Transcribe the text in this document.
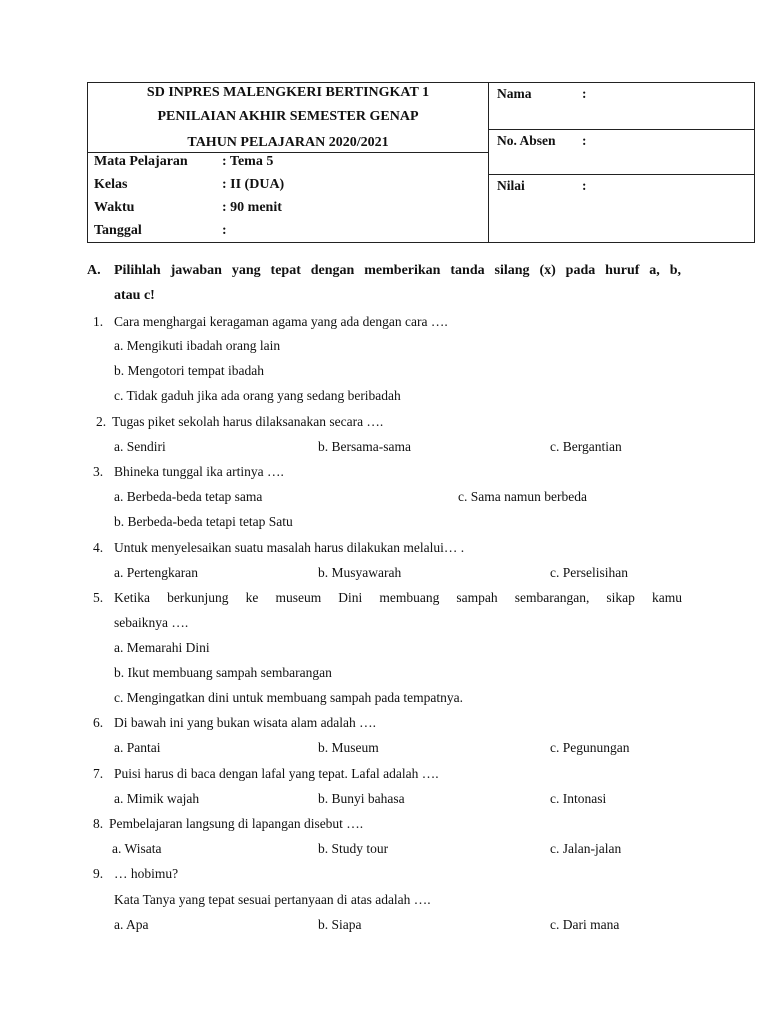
SD INPRES MALENGKERI BERTINGKAT 1
PENILAIAN AKHIR SEMESTER GENAP
TAHUN PELAJARAN 2020/2021
Mata Pelajaran : Tema 5
Kelas	: II (DUA)
Waktu	: 90 menit
Tanggal	:
Nama	:
No. Absen :
Nilai	:
A. Pilihlah jawaban yang tepat dengan memberikan tanda silang (x) pada huruf a, b,
atau c!
1. Cara menghargai keragaman agama yang ada dengan cara ….
a. Mengikuti ibadah orang lain
b. Mengotori tempat ibadah
c. Tidak gaduh jika ada orang yang sedang beribadah
2. Tugas piket sekolah harus dilaksanakan secara ….
a. Sendiri	b. Bersama-sama	c. Bergantian
3. Bhineka tunggal ika artinya ….
a. Berbeda-beda tetap sama	c. Sama namun berbeda
b. Berbeda-beda tetapi tetap Satu
4. Untuk menyelesaikan suatu masalah harus dilakukan melalui… .
a. Pertengkaran	b. Musyawarah	c. Perselisihan
5. Ketika berkunjung ke museum Dini membuang sampah sembarangan, sikap kamu
sebaiknya ….
a. Memarahi Dini
b. Ikut membuang sampah sembarangan
c. Mengingatkan dini untuk membuang sampah pada tempatnya.
6. Di bawah ini yang bukan wisata alam adalah ….
a. Pantai	b. Museum	c. Pegunungan
7. Puisi harus di baca dengan lafal yang tepat. Lafal adalah ….
a. Mimik wajah	b. Bunyi bahasa	c. Intonasi
8. Pembelajaran langsung di lapangan disebut ….
a. Wisata	b. Study tour	c. Jalan-jalan
9. … hobimu?
Kata Tanya yang tepat sesuai pertanyaan di atas adalah ….
a. Apa	b. Siapa	c. Dari mana
